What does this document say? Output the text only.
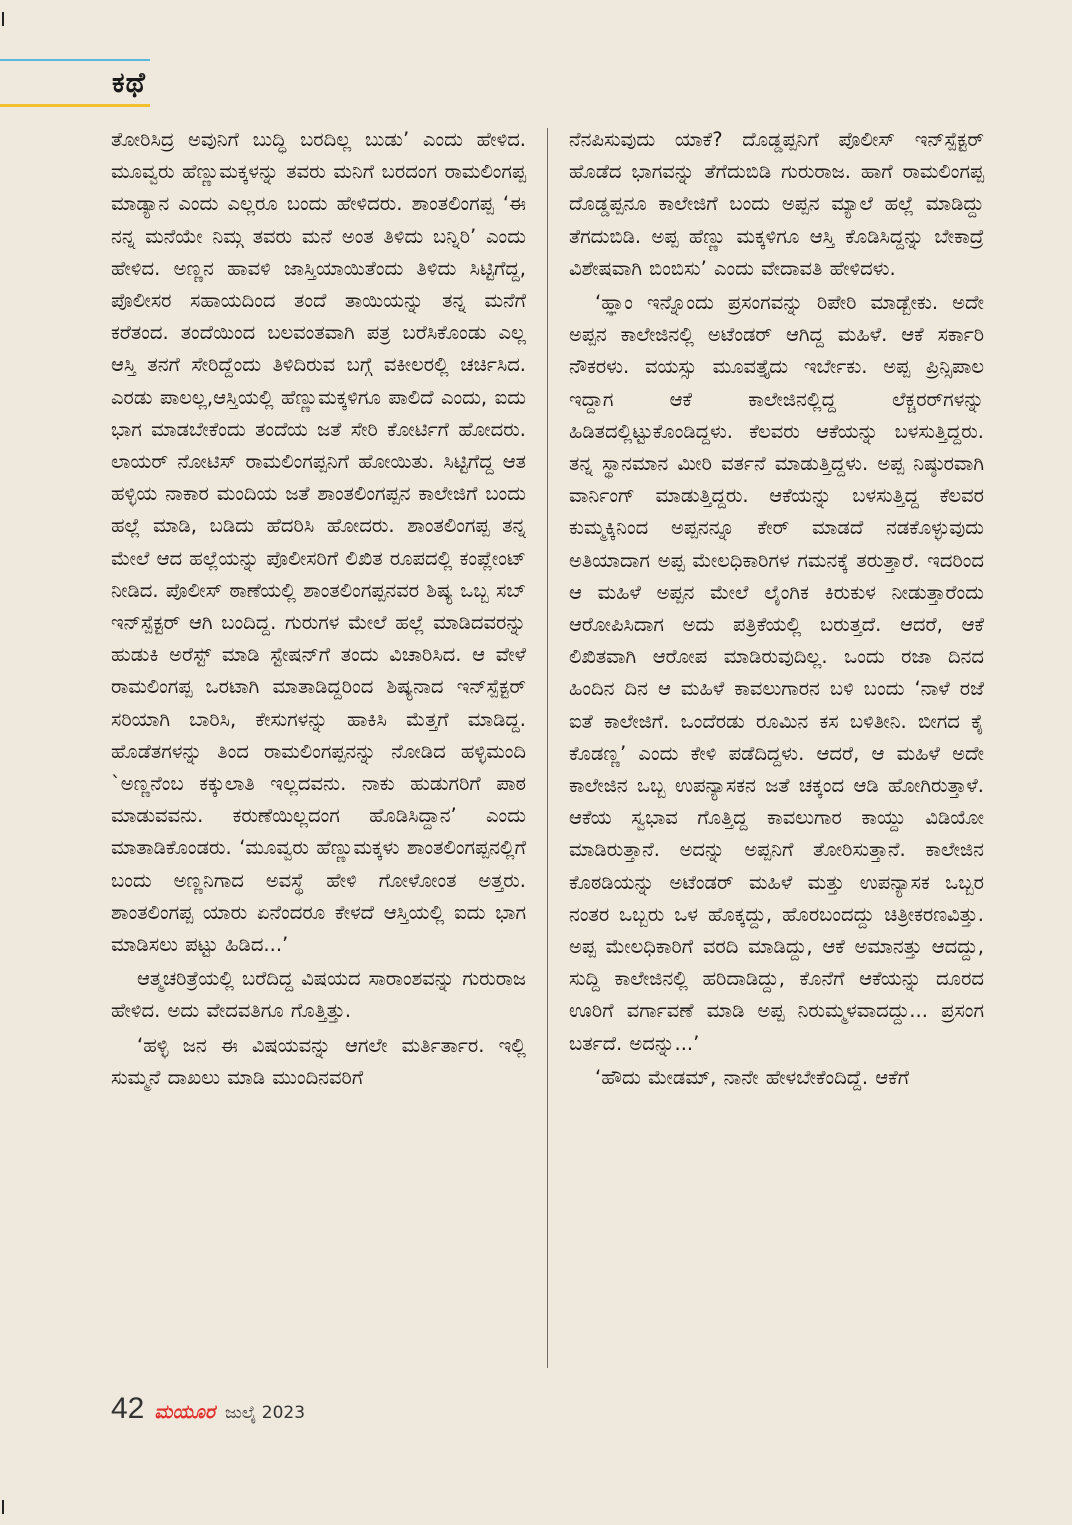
ಕಥೆ

ತೋರಿಸಿದ್ರ ಅವುನಿಗೆ ಬುದ್ಧಿ ಬರದಿಲ್ಲ ಬುಡು’ ಎಂದು ಹೇಳಿದ. ಮೂವ್ವರು ಹೆಣ್ಣುಮಕ್ಕಳನ್ನು ತವರು ಮನಿಗೆ ಬರದಂಗ ರಾಮಲಿಂಗಪ್ಪ ಮಾಡ್ಯಾನ ಎಂದು ಎಲ್ಲರೂ ಬಂದು ಹೇಳಿದರು. ಶಾಂತಲಿಂಗಪ್ಪ ‘ಈ ನನ್ನ ಮನೆಯೇ ನಿಮ್ಗ ತವರು ಮನೆ ಅಂತ ತಿಳಿದು ಬನ್ನಿರಿ’ ಎಂದು ಹೇಳಿದ. ಅಣ್ಣನ ಹಾವಳಿ ಜಾಸ್ತಿಯಾಯಿತೆಂದು ತಿಳಿದು ಸಿಟ್ಟಿಗೆದ್ದ, ಪೊಲೀಸರ ಸಹಾಯದಿಂದ ತಂದೆ ತಾಯಿಯನ್ನು ತನ್ನ ಮನೆಗೆ ಕರೆತಂದ. ತಂದೆಯಿಂದ ಬಲವಂತವಾಗಿ ಪತ್ರ ಬರೆಸಿಕೊಂಡು ಎಲ್ಲ ಆಸ್ತಿ ತನಗೆ ಸೇರಿದ್ದೆಂದು ತಿಳಿದಿರುವ ಬಗ್ಗೆ ವಕೀಲರಲ್ಲಿ ಚರ್ಚಿಸಿದ. ಎರಡು ಪಾಲಲ್ಲ,ಆಸ್ತಿಯಲ್ಲಿ ಹೆಣ್ಣುಮಕ್ಕಳಿಗೂ ಪಾಲಿದೆ ಎಂದು, ಐದು ಭಾಗ ಮಾಡಬೇಕೆಂದು ತಂದೆಯ ಜತೆ ಸೇರಿ ಕೋರ್ಟಿಗೆ ಹೋದರು. ಲಾಯರ್ ನೋಟಿಸ್ ರಾಮಲಿಂಗಪ್ಪನಿಗೆ ಹೋಯಿತು. ಸಿಟ್ಟಿಗೆದ್ದ ಆತ ಹಳ್ಳಿಯ ನಾಕಾರ ಮಂದಿಯ ಜತೆ ಶಾಂತಲಿಂಗಪ್ಪನ ಕಾಲೇಜಿಗೆ ಬಂದು ಹಲ್ಲೆ ಮಾಡಿ, ಬಡಿದು ಹೆದರಿಸಿ ಹೋದರು. ಶಾಂತಲಿಂಗಪ್ಪ ತನ್ನ ಮೇಲೆ ಆದ ಹಲ್ಲೆಯನ್ನು ಪೊಲೀಸರಿಗೆ ಲಿಖಿತ ರೂಪದಲ್ಲಿ ಕಂಪ್ಲೇಂಟ್ ನೀಡಿದ. ಪೊಲೀಸ್ ಠಾಣೆಯಲ್ಲಿ ಶಾಂತಲಿಂಗಪ್ಪನವರ ಶಿಷ್ಯ ಒಬ್ಬ ಸಬ್ ಇನ್‌ಸ್ಪೆಕ್ಟರ್ ಆಗಿ ಬಂದಿದ್ದ. ಗುರುಗಳ ಮೇಲೆ ಹಲ್ಲೆ ಮಾಡಿದವರನ್ನು ಹುಡುಕಿ ಅರೆಸ್ಟ್ ಮಾಡಿ ಸ್ಟೇಷನ್‌ಗೆ ತಂದು ವಿಚಾರಿಸಿದ. ಆ ವೇಳೆ ರಾಮಲಿಂಗಪ್ಪ ಒರಟಾಗಿ ಮಾತಾಡಿದ್ದರಿಂದ ಶಿಷ್ಯನಾದ ಇನ್‌ಸ್ಪೆಕ್ಟರ್ ಸರಿಯಾಗಿ ಬಾರಿಸಿ, ಕೇಸುಗಳನ್ನು ಹಾಕಿಸಿ ಮೆತ್ತಗೆ ಮಾಡಿದ್ದ. ಹೊಡೆತಗಳನ್ನು ತಿಂದ ರಾಮಲಿಂಗಪ್ಪನನ್ನು ನೋಡಿದ ಹಳ್ಳಿಮಂದಿ `ಅಣ್ಣನೆಂಬ ಕಕ್ಕುಲಾತಿ ಇಲ್ಲದವನು. ನಾಕು ಹುಡುಗರಿಗೆ ಪಾಠ ಮಾಡುವವನು. ಕರುಣೆಯಿಲ್ಲದಂಗ ಹೊಡಿಸಿದ್ದಾನ’ ಎಂದು ಮಾತಾಡಿಕೊಂಡರು. ‘ಮೂವ್ವರು ಹೆಣ್ಣುಮಕ್ಕಳು ಶಾಂತಲಿಂಗಪ್ಪನಲ್ಲಿಗೆ ಬಂದು ಅಣ್ಣನಿಗಾದ ಅವಸ್ಥೆ ಹೇಳಿ ಗೋಳೋಂತ ಅತ್ತರು. ಶಾಂತಲಿಂಗಪ್ಪ ಯಾರು ಏನೆಂದರೂ ಕೇಳದೆ ಆಸ್ತಿಯಲ್ಲಿ ಐದು ಭಾಗ ಮಾಡಿಸಲು ಪಟ್ಟು ಹಿಡಿದ...’

ಆತ್ಮಚರಿತ್ರೆಯಲ್ಲಿ ಬರೆದಿದ್ದ ವಿಷಯದ ಸಾರಾಂಶವನ್ನು ಗುರುರಾಜ ಹೇಳಿದ. ಅದು ವೇದವತಿಗೂ ಗೊತ್ತಿತ್ತು.

‘ಹಳ್ಳಿ ಜನ ಈ ವಿಷಯವನ್ನು ಆಗಲೇ ಮರ್ತಿರ್ತಾರ. ಇಲ್ಲಿ ಸುಮ್ಮನೆ ದಾಖಲು ಮಾಡಿ ಮುಂದಿನವರಿಗೆ

ನೆನಪಿಸುವುದು ಯಾಕೆ? ದೊಡ್ಡಪ್ಪನಿಗೆ ಪೊಲೀಸ್ ಇನ್‌ಸ್ಪೆಕ್ಟರ್ ಹೊಡೆದ ಭಾಗವನ್ನು ತೆಗೆದುಬಿಡಿ ಗುರುರಾಜ. ಹಾಗೆ ರಾಮಲಿಂಗಪ್ಪ ದೊಡ್ಡಪ್ಪನೂ ಕಾಲೇಜಿಗೆ ಬಂದು ಅಪ್ಪನ ಮ್ಯಾಲೆ ಹಲ್ಲೆ ಮಾಡಿದ್ದು ತೆಗದುಬಿಡಿ. ಅಪ್ಪ ಹೆಣ್ಣು ಮಕ್ಕಳಿಗೂ ಆಸ್ತಿ ಕೊಡಿಸಿದ್ದನ್ನು ಬೇಕಾದ್ರೆ ವಿಶೇಷವಾಗಿ ಬಿಂಬಿಸು’ ಎಂದು ವೇದಾವತಿ ಹೇಳಿದಳು.

‘ಹ್ಞಾಂ ಇನ್ನೊಂದು ಪ್ರಸಂಗವನ್ನು ರಿಪೇರಿ ಮಾಡ್ಬೇಕು. ಅದೇ ಅಪ್ಪನ ಕಾಲೇಜಿನಲ್ಲಿ ಅಟೆಂಡರ್ ಆಗಿದ್ದ ಮಹಿಳೆ. ಆಕೆ ಸರ್ಕಾರಿ ನೌಕರಳು. ವಯಸ್ಸು ಮೂವತ್ತೈದು ಇರ್ಬೇಕು. ಅಪ್ಪ ಪ್ರಿನ್ಸಿಪಾಲ ಇದ್ದಾಗ ಆಕೆ ಕಾಲೇಜಿನಲ್ಲಿದ್ದ ಲೆಕ್ಚರರ್‌ಗಳನ್ನು ಹಿಡಿತದಲ್ಲಿಟ್ಟುಕೊಂಡಿದ್ದಳು. ಕೆಲವರು ಆಕೆಯನ್ನು ಬಳಸುತ್ತಿದ್ದರು. ತನ್ನ ಸ್ಥಾನಮಾನ ಮೀರಿ ವರ್ತನೆ ಮಾಡುತ್ತಿದ್ದಳು. ಅಪ್ಪ ನಿಷ್ಠುರವಾಗಿ ವಾರ್ನಿಂಗ್ ಮಾಡುತ್ತಿದ್ದರು. ಆಕೆಯನ್ನು ಬಳಸುತ್ತಿದ್ದ ಕೆಲವರ ಕುಮ್ಮಕ್ಕಿನಿಂದ ಅಪ್ಪನನ್ನೂ ಕೇರ್ ಮಾಡದೆ ನಡಕೊಳ್ಳುವುದು ಅತಿಯಾದಾಗ ಅಪ್ಪ ಮೇಲಧಿಕಾರಿಗಳ ಗಮನಕ್ಕೆ ತರುತ್ತಾರೆ. ಇದರಿಂದ ಆ ಮಹಿಳೆ ಅಪ್ಪನ ಮೇಲೆ ಲೈಂಗಿಕ ಕಿರುಕುಳ ನೀಡುತ್ತಾರೆಂದು ಆರೋಪಿಸಿದಾಗ ಅದು ಪತ್ರಿಕೆಯಲ್ಲಿ ಬರುತ್ತದೆ. ಆದರೆ, ಆಕೆ ಲಿಖಿತವಾಗಿ ಆರೋಪ ಮಾಡಿರುವುದಿಲ್ಲ. ಒಂದು ರಜಾ ದಿನದ ಹಿಂದಿನ ದಿನ ಆ ಮಹಿಳೆ ಕಾವಲುಗಾರನ ಬಳಿ ಬಂದು ‘ನಾಳೆ ರಜೆ ಐತೆ ಕಾಲೇಜಿಗೆ. ಒಂದೆರಡು ರೂಮಿನ ಕಸ ಬಳಿತೀನಿ. ಬೀಗದ ಕೈ ಕೊಡಣ್ಣ’ ಎಂದು ಕೇಳಿ ಪಡೆದಿದ್ದಳು. ಆದರೆ, ಆ ಮಹಿಳೆ ಅದೇ ಕಾಲೇಜಿನ ಒಬ್ಬ ಉಪನ್ಯಾಸಕನ ಜತೆ ಚಕ್ಕಂದ ಆಡಿ ಹೋಗಿರುತ್ತಾಳೆ. ಆಕೆಯ ಸ್ವಭಾವ ಗೊತ್ತಿದ್ದ ಕಾವಲುಗಾರ ಕಾಯ್ದು ವಿಡಿಯೋ ಮಾಡಿರುತ್ತಾನೆ. ಅದನ್ನು ಅಪ್ಪನಿಗೆ ತೋರಿಸುತ್ತಾನೆ. ಕಾಲೇಜಿನ ಕೊಠಡಿಯನ್ನು ಅಟೆಂಡರ್ ಮಹಿಳೆ ಮತ್ತು ಉಪನ್ಯಾಸಕ ಒಬ್ಬರ ನಂತರ ಒಬ್ಬರು ಒಳ ಹೊಕ್ಕದ್ದು, ಹೊರಬಂದದ್ದು ಚಿತ್ರೀಕರಣವಿತ್ತು. ಅಪ್ಪ ಮೇಲಧಿಕಾರಿಗೆ ವರದಿ ಮಾಡಿದ್ದು, ಆಕೆ ಅಮಾನತ್ತು ಆದದ್ದು, ಸುದ್ದಿ ಕಾಲೇಜಿನಲ್ಲಿ ಹರಿದಾಡಿದ್ದು, ಕೊನೆಗೆ ಆಕೆಯನ್ನು ದೂರದ ಊರಿಗೆ ವರ್ಗಾವಣೆ ಮಾಡಿ ಅಪ್ಪ ನಿರುಮ್ಮಳವಾದದ್ದು... ಪ್ರಸಂಗ ಬರ್ತದೆ. ಅದನ್ನು...’

‘ಹೌದು ಮೇಡಮ್, ನಾನೇ ಹೇಳಬೇಕೆಂದಿದ್ದೆ. ಆಕೆಗೆ

42 ಮಯೂರ ಜುಲೈ 2023
